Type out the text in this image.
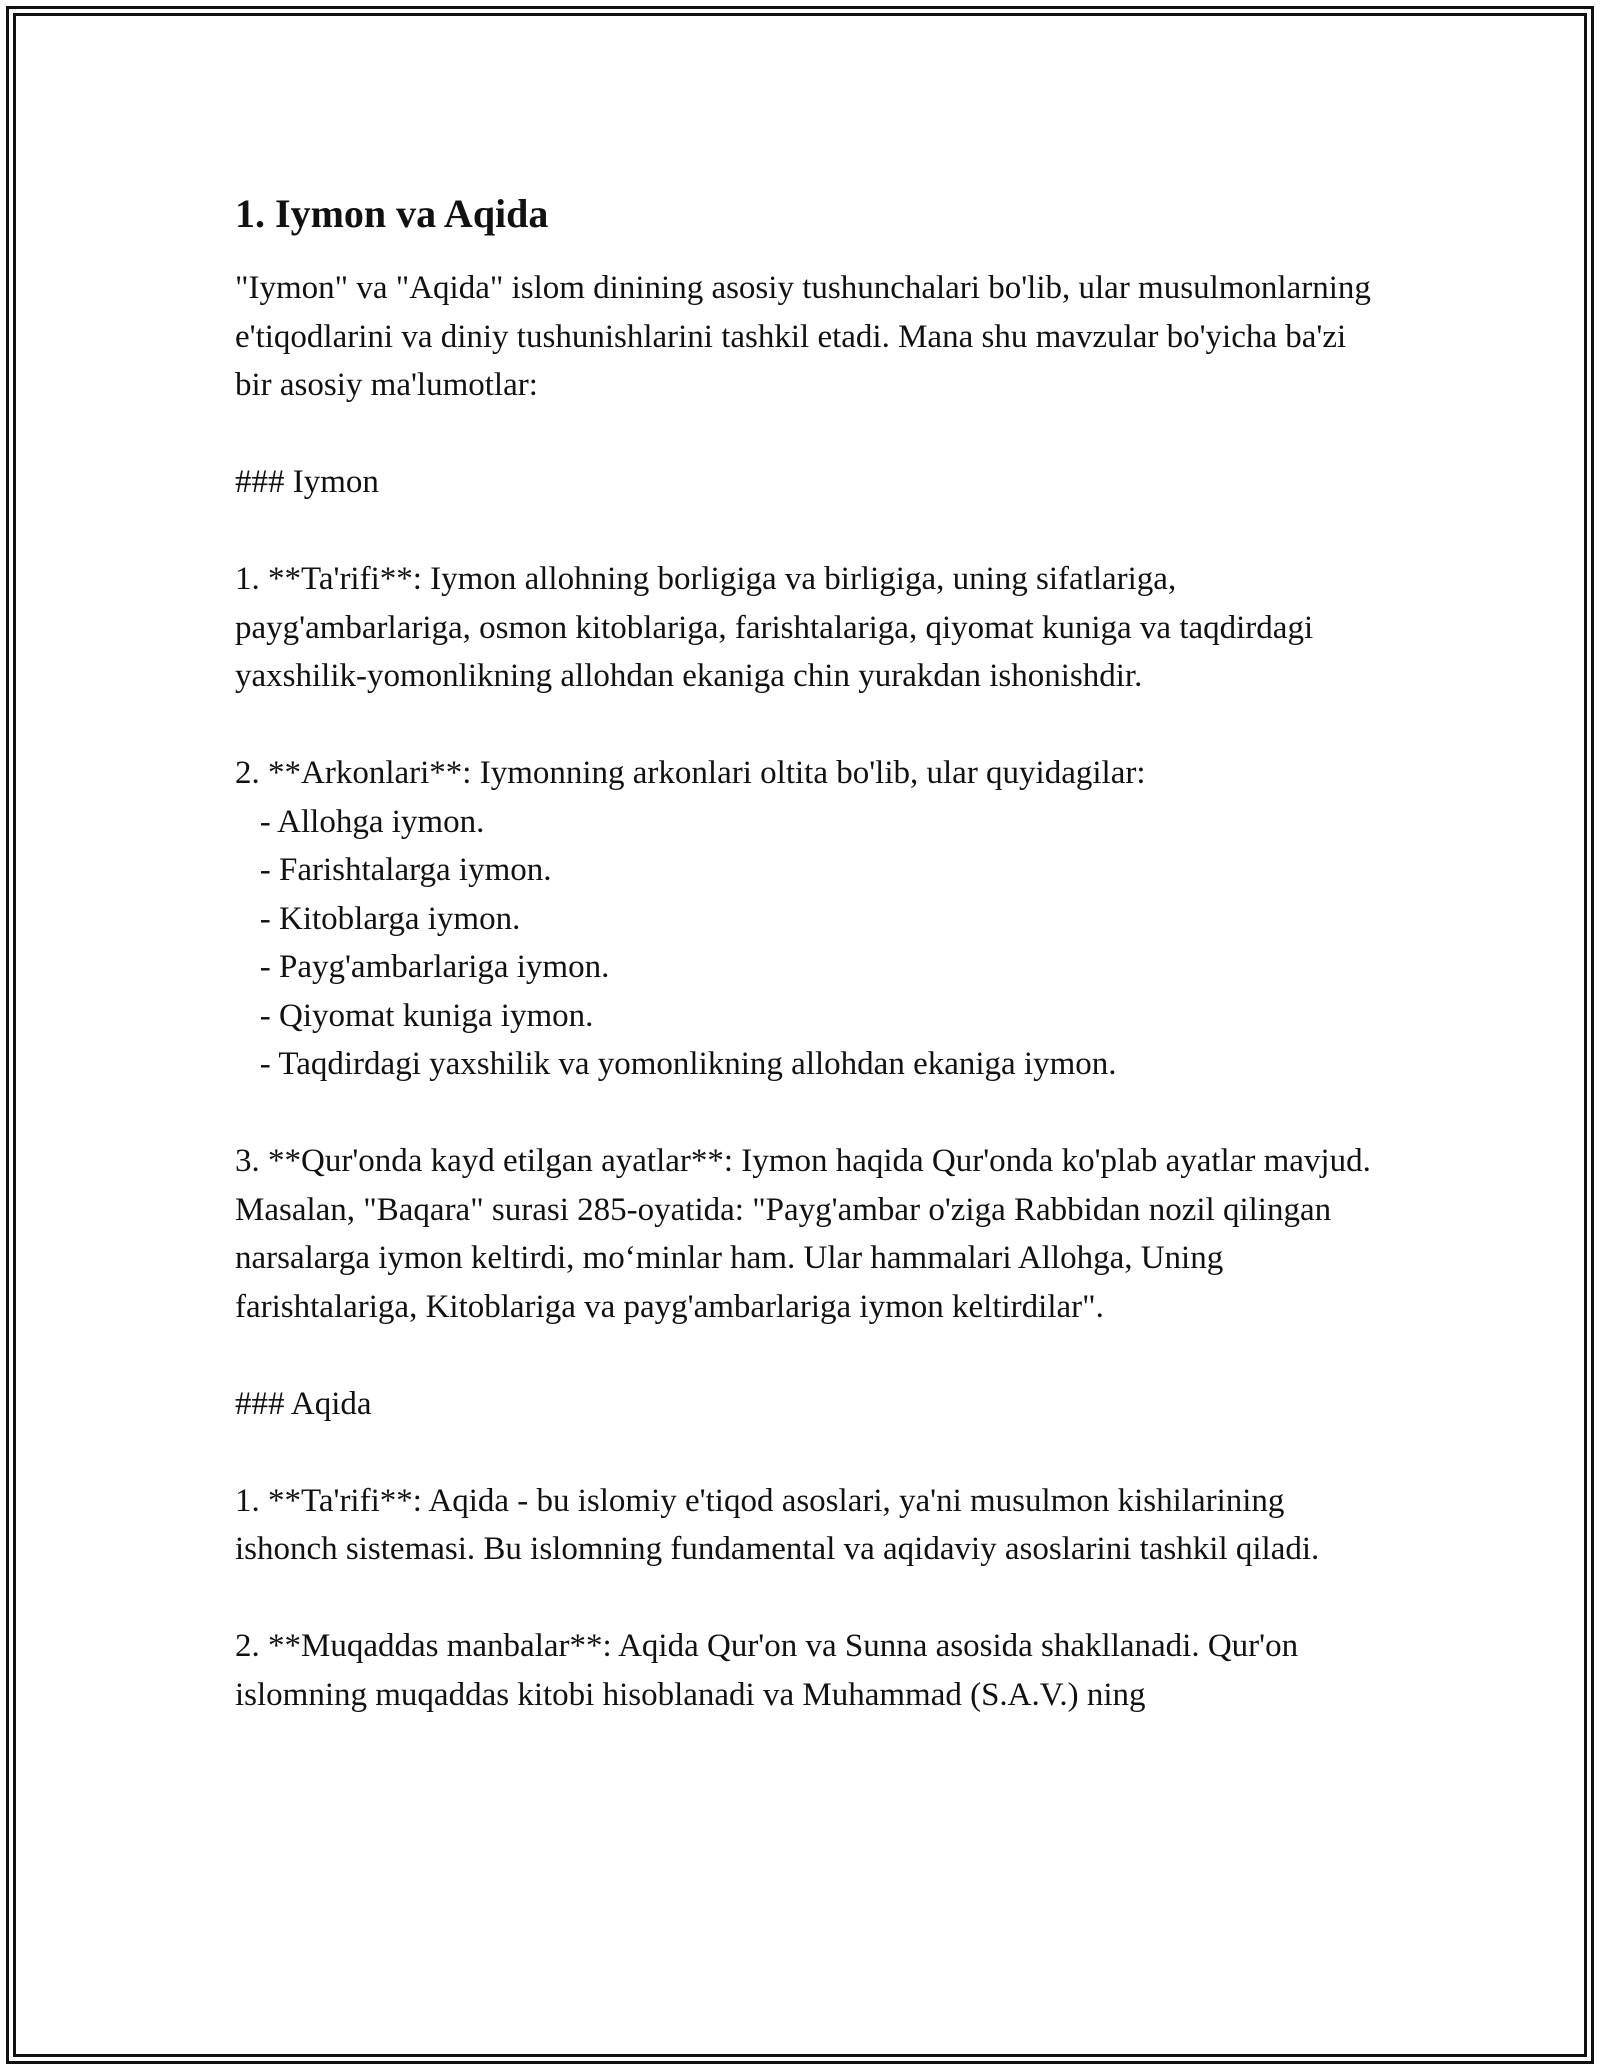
1. Iymon va Aqida

"Iymon" va "Aqida" islom dinining asosiy tushunchalari bo'lib, ular musulmonlarning e'tiqodlarini va diniy tushunishlarini tashkil etadi. Mana shu mavzular bo'yicha ba'zi bir asosiy ma'lumotlar:

### Iymon

1. **Ta'rifi**: Iymon allohning borligiga va birligiga, uning sifatlariga, payg'ambarlariga, osmon kitoblariga, farishtalariga, qiyomat kuniga va taqdirdagi yaxshilik-yomonlikning allohdan ekaniga chin yurakdan ishonishdir.

2. **Arkonlari**: Iymonning arkonlari oltita bo'lib, ular quyidagilar:

- Allohga iymon.

- Farishtalarga iymon.

- Kitoblarga iymon.

- Payg'ambarlariga iymon.

- Qiyomat kuniga iymon.

- Taqdirdagi yaxshilik va yomonlikning allohdan ekaniga iymon.

3. **Qur'onda kayd etilgan ayatlar**: Iymon haqida Qur'onda ko'plab ayatlar mavjud. Masalan, "Baqara" surasi 285-oyatida: "Payg'ambar o'ziga Rabbidan nozil qilingan narsalarga iymon keltirdi, mo‘minlar ham. Ular hammalari Allohga, Uning farishtalariga, Kitoblariga va payg'ambarlariga iymon keltirdilar".

### Aqida

1. **Ta'rifi**: Aqida - bu islomiy e'tiqod asoslari, ya'ni musulmon kishilarining ishonch sistemasi. Bu islomning fundamental va aqidaviy asoslarini tashkil qiladi.

2. **Muqaddas manbalar**: Aqida Qur'on va Sunna asosida shakllanadi. Qur'on islomning muqaddas kitobi hisoblanadi va Muhammad (S.A.V.) ning
